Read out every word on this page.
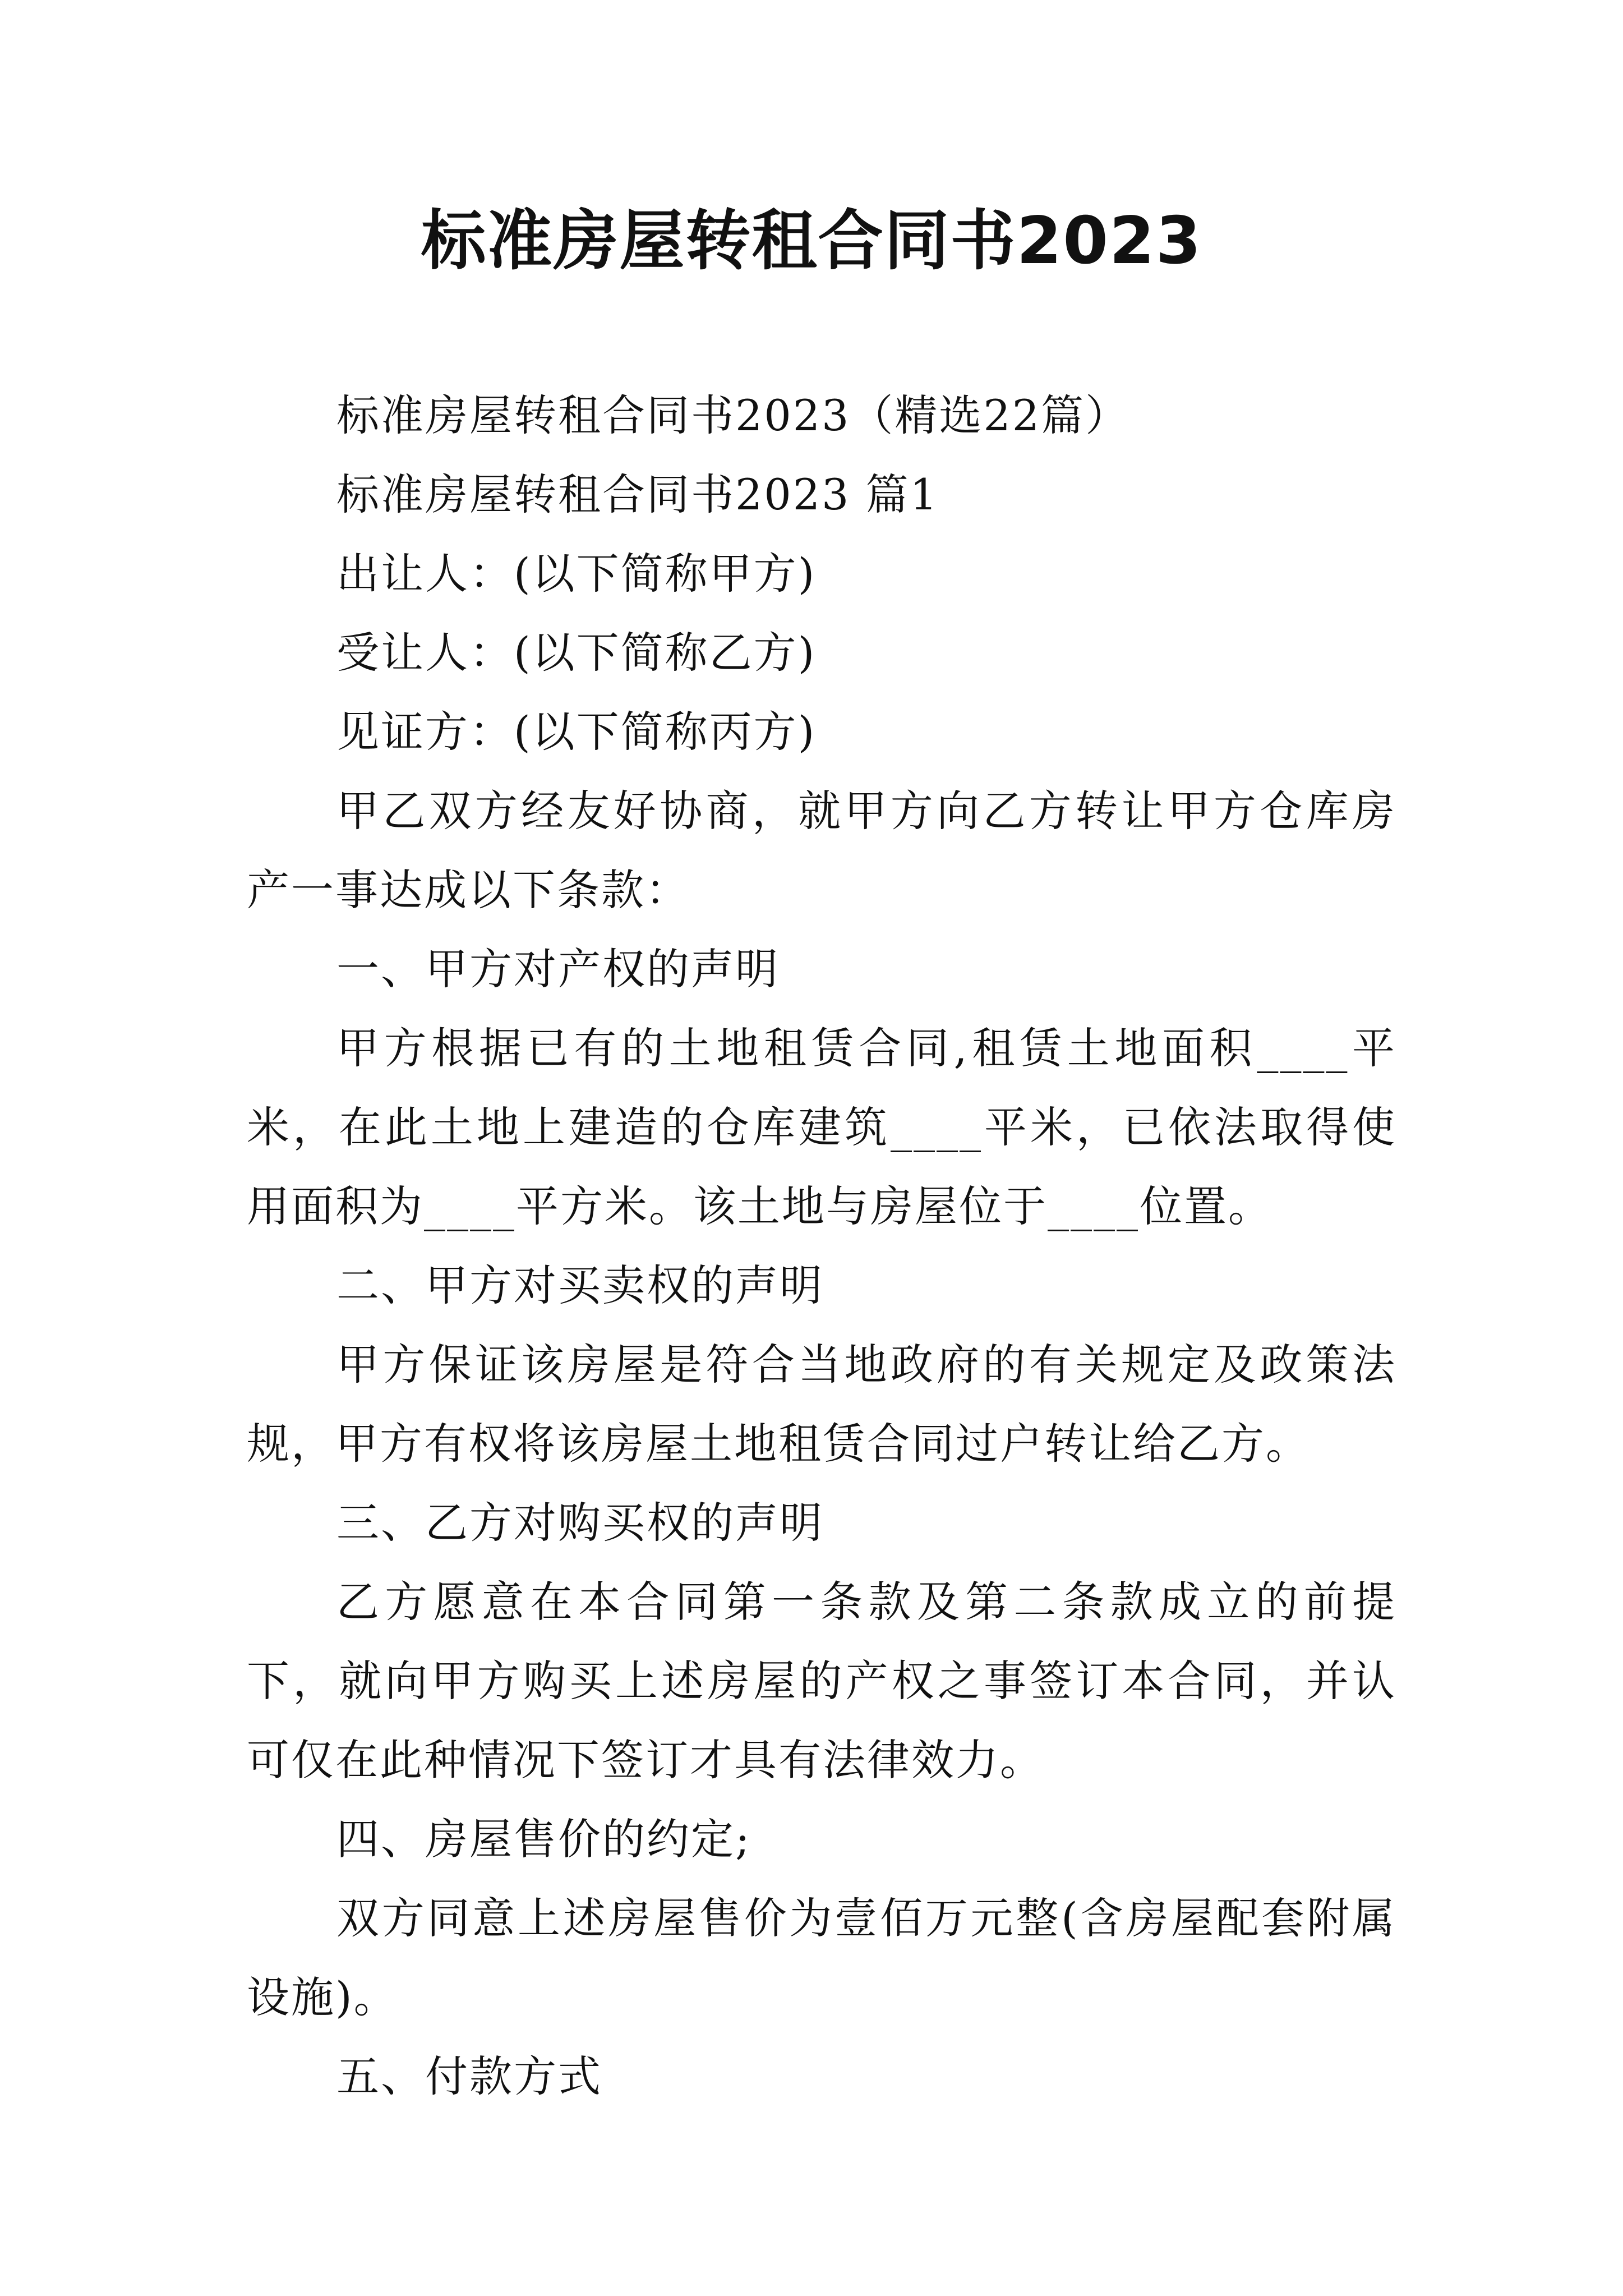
标准房屋转租合同书2023

标准房屋转租合同书2023（精选22篇）

标准房屋转租合同书2023 篇1

出让人：(以下简称甲方)

受让人：(以下简称乙方)

见证方：(以下简称丙方)

甲乙双方经友好协商，就甲方向乙方转让甲方仓库房产一事达成以下条款：

一、甲方对产权的声明

甲方根据已有的土地租赁合同,租赁土地面积____平米，在此土地上建造的仓库建筑____平米，已依法取得使用面积为____平方米。该土地与房屋位于____位置。

二、甲方对买卖权的声明

甲方保证该房屋是符合当地政府的有关规定及政策法规，甲方有权将该房屋土地租赁合同过户转让给乙方。

三、乙方对购买权的声明

乙方愿意在本合同第一条款及第二条款成立的前提下，就向甲方购买上述房屋的产权之事签订本合同，并认可仅在此种情况下签订才具有法律效力。

四、房屋售价的约定;

双方同意上述房屋售价为壹佰万元整(含房屋配套附属设施)。

五、付款方式
